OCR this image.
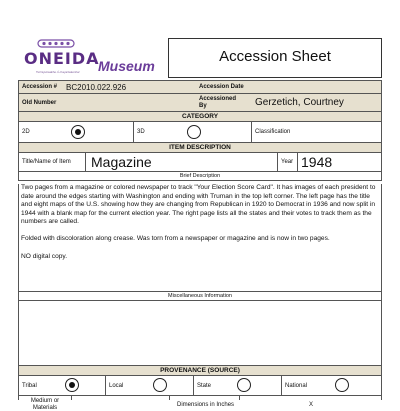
ONEIDA
Tsi²niyukwaliho·tʌ́ Kaya²takénhaˀ	Museum
Accession Sheet
Accession # BC2010.022.926	Accession Date
Old Number
Accessioned By	Gerzetich, Courtney
CATEGORY
2D	3D	Classification
ITEM DESCRIPTION
Title/Name of Item Magazine	Year 1948
Brief Description

Two pages from a magazine or colored newspaper to track "Your Election Score Card". It has images of each president to date around the edges starting with Washington and ending with Truman in the top left corner. The left page has the title and eight maps of the U.S. showing how they are changing from Republican in 1920 to Democrat in 1936 and now split in 1944 with a blank map for the current election year. The right page lists all the states and their votes to track them as the numbers are called.

Folded with discoloration along crease. Was torn from a newspaper or magazine and is now in two pages.

NO digital copy.

Miscellaneous Information
PROVENANCE (SOURCE)
Tribal	Local	State	National
Medium or Materials	Dimensions in Inches	X
